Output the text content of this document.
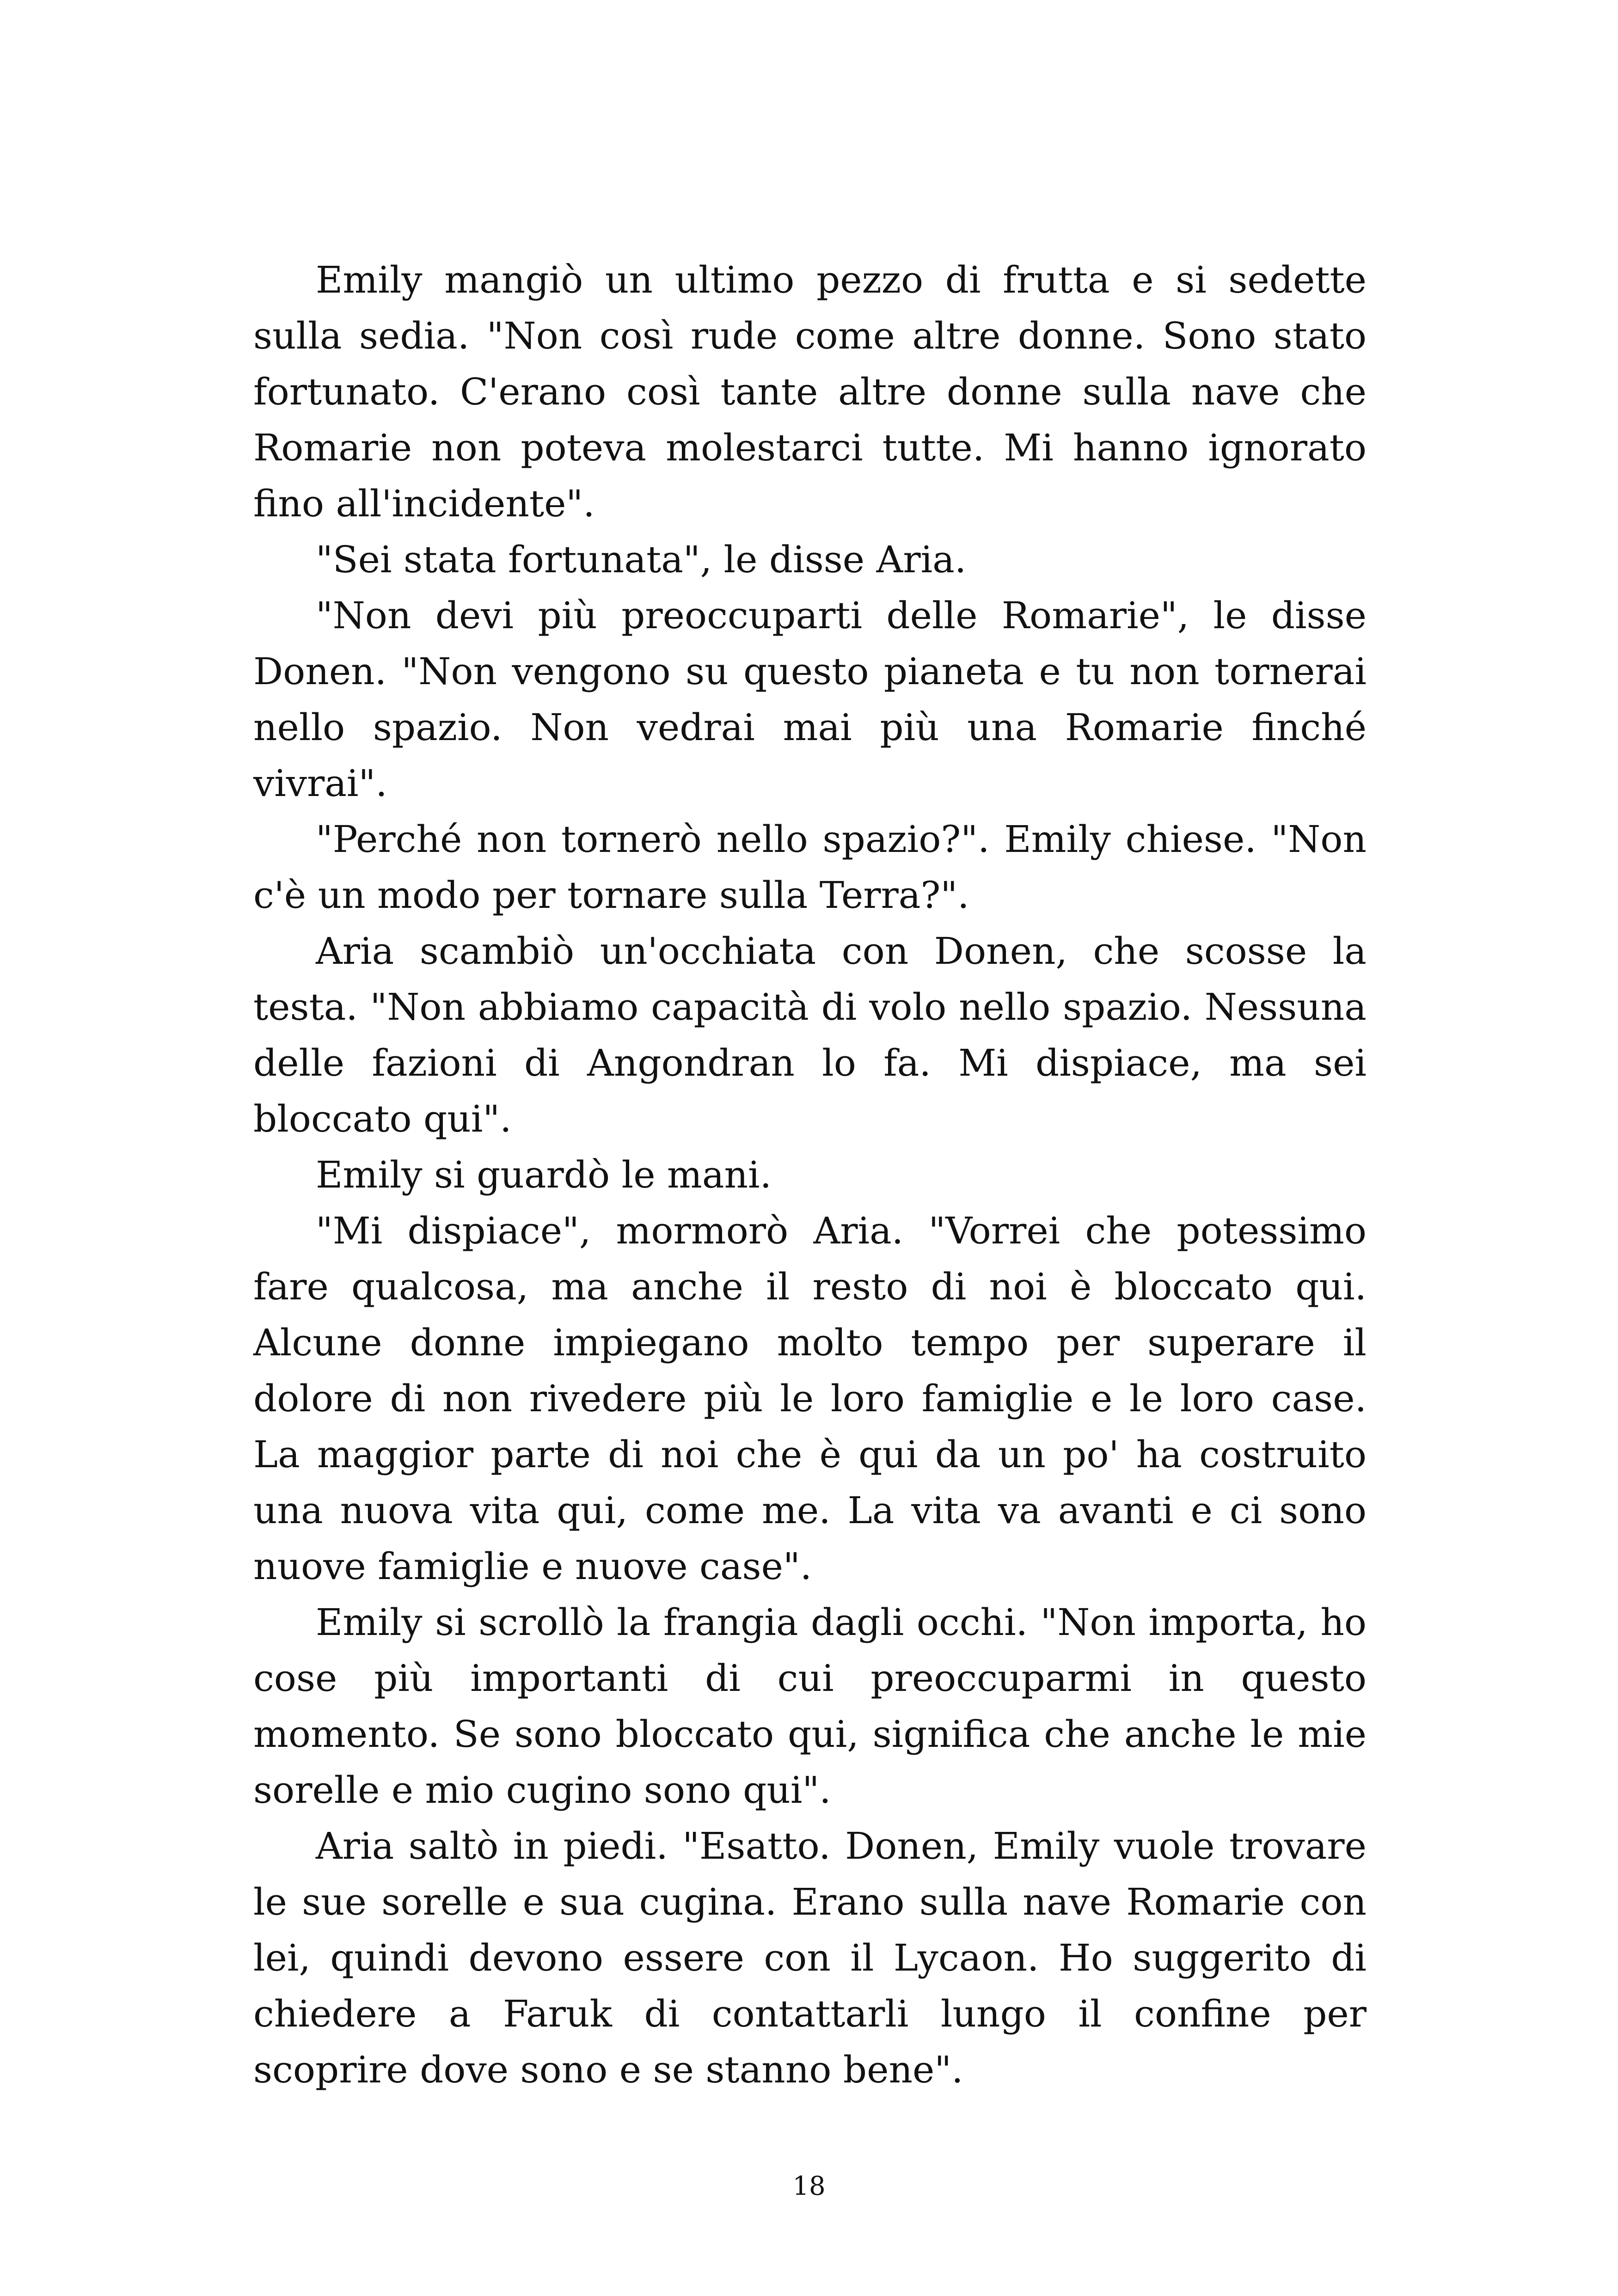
Emily mangiò un ultimo pezzo di frutta e si sedette sulla sedia. "Non così rude come altre donne. Sono stato fortunato. C'erano così tante altre donne sulla nave che Romarie non poteva molestarci tutte. Mi hanno ignorato fino all'incidente".

"Sei stata fortunata", le disse Aria.

"Non devi più preoccuparti delle Romarie", le disse Donen. "Non vengono su questo pianeta e tu non tornerai nello spazio. Non vedrai mai più una Romarie finché vivrai".

"Perché non tornerò nello spazio?". Emily chiese. "Non c'è un modo per tornare sulla Terra?".

Aria scambiò un'occhiata con Donen, che scosse la testa. "Non abbiamo capacità di volo nello spazio. Nessuna delle fazioni di Angondran lo fa. Mi dispiace, ma sei bloccato qui".

Emily si guardò le mani.

"Mi dispiace", mormorò Aria. "Vorrei che potessimo fare qualcosa, ma anche il resto di noi è bloccato qui. Alcune donne impiegano molto tempo per superare il dolore di non rivedere più le loro famiglie e le loro case. La maggior parte di noi che è qui da un po' ha costruito una nuova vita qui, come me. La vita va avanti e ci sono nuove famiglie e nuove case".

Emily si scrollò la frangia dagli occhi. "Non importa, ho cose più importanti di cui preoccuparmi in questo momento. Se sono bloccato qui, significa che anche le mie sorelle e mio cugino sono qui".

Aria saltò in piedi. "Esatto. Donen, Emily vuole trovare le sue sorelle e sua cugina. Erano sulla nave Romarie con lei, quindi devono essere con il Lycaon. Ho suggerito di chiedere a Faruk di contattarli lungo il confine per scoprire dove sono e se stanno bene".

18
